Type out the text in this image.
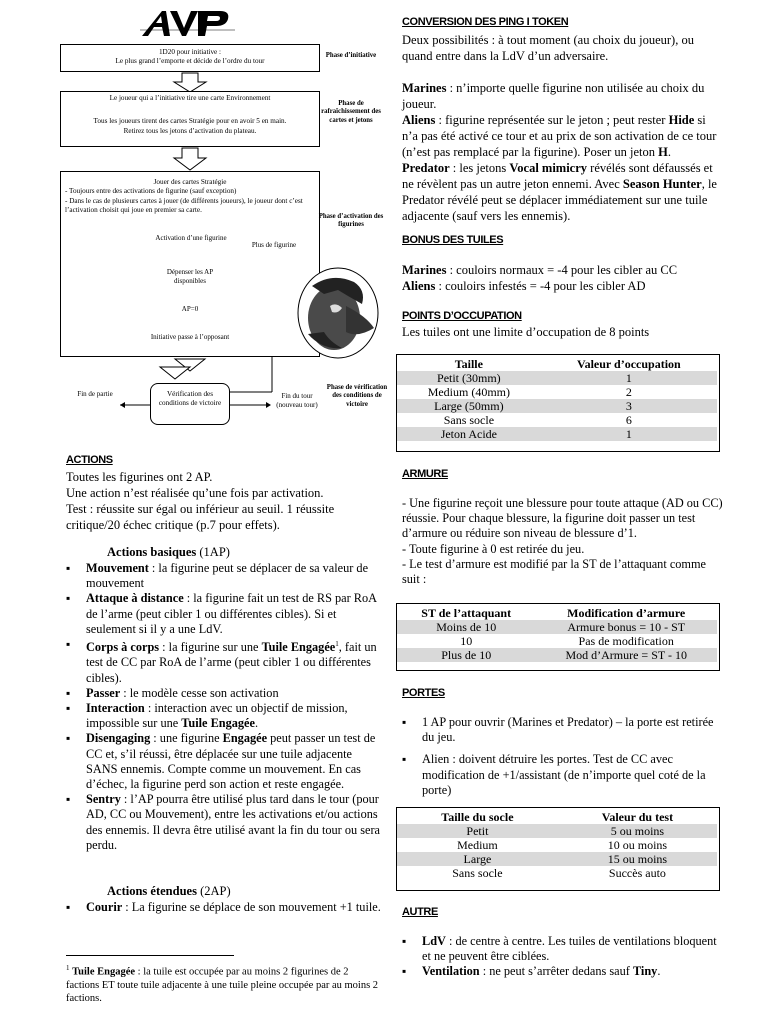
1D20 pour initiative :
Le plus grand l’emporte et décide de l’ordre du tour
Phase d’initiative
Le joueur qui a l’initiative tire une carte Environnement
Tous les joueurs tirent des cartes Stratégie pour en avoir 5 en main.
Retirez tous les jetons d’activation du plateau.
Phase de rafraîchissement des cartes et jetons
Jouer des cartes Stratégie
- Toujours entre des activations de figurine (sauf exception)
- Dans le cas de plusieurs cartes à jouer (de différents joueurs), le joueur dont c’est l’activation choisit qui joue en premier sa carte.
Phase d’activation des figurines
Activation d’une figurine
Plus de figurine
Dépenser les AP disponibles
AP=0
Initiative passe à l’opposant
Fin de partie	Vérification des conditions de victoire
Fin du tour (nouveau tour)
Phase de vérification des conditions de victoire
ACTIONS

Toutes les figurines ont 2 AP.

Une action n’est réalisée qu’une fois par activation.

Test : réussite sur égal ou inférieur au seuil. 1 réussite critique/20 échec critique (p.7 pour effets).

Actions basiques (1AP)
▪ Mouvement : la figurine peut se déplacer de sa valeur de mouvement
▪ Attaque à distance : la figurine fait un test de RS par RoA de l’arme (peut cibler 1 ou différentes cibles). Si et seulement si il y a une LdV.
▪ Corps à corps : la figurine sur une Tuile Engagée$^1$, fait un test de CC par RoA de l’arme (peut cibler 1 ou différentes cibles).
▪ Passer : le modèle cesse son activation
▪ Interaction : interaction avec un objectif de mission, impossible sur une Tuile Engagée.
▪ Disengaging : une figurine Engagée peut passer un test de CC et, s’il réussi, être déplacée sur une tuile adjacente SANS ennemis. Compte comme un mouvement. En cas d’échec, la figurine perd son action et reste engagée.
▪ Sentry : l’AP pourra être utilisé plus tard dans le tour (pour AD, CC ou Mouvement), entre les activations et/ou actions des ennemis. Il devra être utilisé avant la fin du tour ou sera perdu.
Actions étendues (2AP)
▪ Courir : La figurine se déplace de son mouvement +1 tuile.
$^1$ Tuile Engagée : la tuile est occupée par au moins 2 figurines de 2 factions ET toute tuile adjacente à une tuile pleine occupée par au moins 2 factions.
CONVERSION DES PING I TOKEN

Deux possibilités : à tout moment (au choix du joueur), ou quand entre dans la LdV d’un adversaire.

Marines : n’importe quelle figurine non utilisée au choix du joueur.

Aliens : figurine représentée sur le jeton ; peut rester Hide si n’a pas été activé ce tour et au prix de son activation de ce tour (n’est pas remplacé par la figurine). Poser un jeton H.

Predator : les jetons Vocal mimicry révélés sont défaussés et ne révèlent pas un autre jeton ennemi. Avec Season Hunter, le Predator révélé peut se déplacer immédiatement sur une tuile adjacente (sauf vers les ennemis).

BONUS DES TUILES

Marines : couloirs normaux = -4 pour les cibler au CC

Aliens : couloirs infestés = -4 pour les cibler AD

POINTS D’OCCUPATION
Les tuiles ont une limite d’occupation de 8 points
Taille	Valeur d’occupation
Petit (30mm)	1
Medium (40mm)	2
Large (50mm)	3
Sans socle	6
Jeton Acide	1
ARMURE

- Une figurine reçoit une blessure pour toute attaque (AD ou CC) réussie. Pour chaque blessure, la figurine doit passer un test d’armure ou réduire son niveau de blessure d’1.

- Toute figurine à 0 est retirée du jeu.

- Le test d’armure est modifié par la ST de l’attaquant comme suit :

ST de l’attaquant	Modification d’armure
Moins de 10	Armure bonus = 10 - ST
10	Pas de modification
Plus de 10	Mod d’Armure = ST - 10
PORTES
▪ 1 AP pour ouvrir (Marines et Predator) – la porte est retirée du jeu.
▪ Alien : doivent détruire les portes. Test de CC avec modification de +1/assistant (de n’importe quel coté de la porte)
Taille du socle	Valeur du test
Petit	5 ou moins
Medium	10 ou moins
Large	15 ou moins
Sans socle	Succès auto
AUTRE
▪ LdV : de centre à centre. Les tuiles de ventilations bloquent et ne peuvent être ciblées.
▪ Ventilation : ne peut s’arrêter dedans sauf Tiny.
